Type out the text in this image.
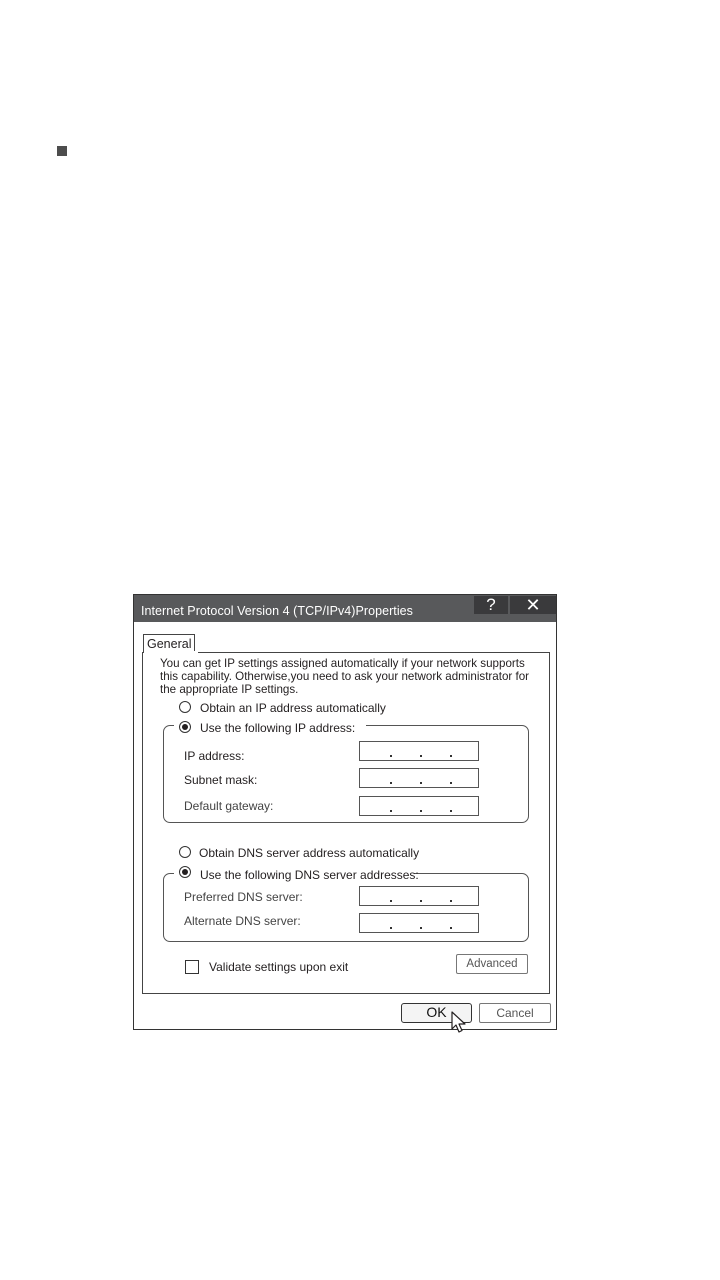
Internet Protocol Version 4 (TCP/IPv4)Properties	?	✕
General

You can get IP settings assigned automatically if your network supports this capability. Otherwise,you need to ask your network administrator for the appropriate IP settings.

Obtain an IP address automatically
Use the following IP address:
IP address:
Subnet mask:
Default gateway:
Obtain DNS server address automatically
Use the following DNS server addresses:
Preferred DNS server:
Alternate DNS server:
Validate settings upon exit	Advanced
OK	Cancel
